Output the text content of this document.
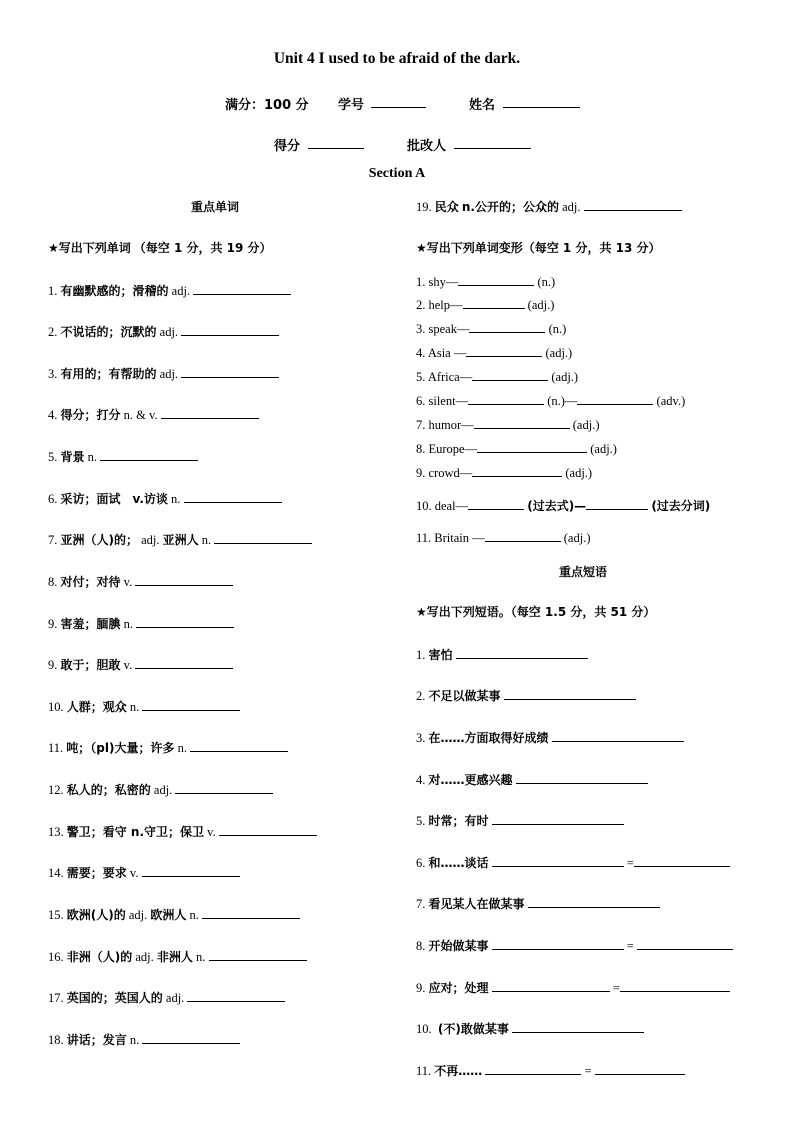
Unit 4 I used to be afraid of the dark.
满分：100 分 学号	姓名
得分	批改人
Section A
重点单词
★写出下列单词 （每空 1 分，共 19 分）
1. 有幽默感的；滑稽的 adj.
2. 不说话的；沉默的 adj.
3. 有用的；有帮助的 adj.
4. 得分；打分 n. & v.
5. 背景 n.
6. 采访；面试　v.访谈 n.
7. 亚洲（人)的； adj. 亚洲人 n.
8. 对付；对待 v.
9. 害羞；腼腆 n.
9. 敢于；胆敢 v.
10. 人群；观众 n.
11. 吨；（pl)大量；许多 n.
12. 私人的；私密的 adj.
13. 警卫；看守 n.守卫；保卫 v.
14. 需要；要求 v.
15. 欧洲(人)的 adj. 欧洲人 n.
16. 非洲（人)的 adj. 非洲人 n.
17. 英国的；英国人的 adj.
18. 讲话；发言 n.
19. 民众 n.公开的；公众的 adj.
★写出下列单词变形（每空 1 分，共 13 分）
1. shy—	(n.)
2. help—	(adj.)
3. speak—	(n.)
4. Asia —	(adj.)
5. Africa—	(adj.)
6. silent—	(n.)—	(adv.)
7. humor—	(adj.)
8. Europe—	(adj.)
9. crowd—	(adj.)
10. deal—	(过去式)—	(过去分词)
11. Britain —	(adj.)
重点短语
★写出下列短语。（每空 1.5 分，共 51 分）
1. 害怕
2. 不足以做某事
3. 在……方面取得好成绩
4. 对……更感兴趣
5. 时常；有时
6. 和……谈话	=
7. 看见某人在做某事
8. 开始做某事	=
9. 应对；处理	=
10. (不)敢做某事
11. 不再……	=
